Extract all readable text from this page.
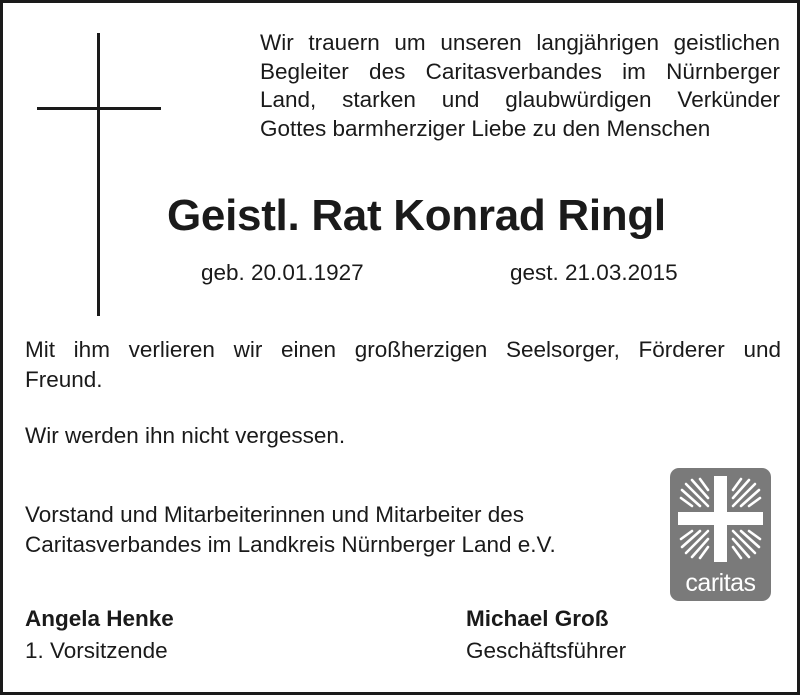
Wir trauern um unseren langjährigen geistlichen
Begleiter des Caritasverbandes im Nürnberger
Land, starken und glaubwürdigen Verkünder
Gottes barmherziger Liebe zu den Menschen
Geistl. Rat Konrad Ringl
geb. 20.01.1927	gest. 21.03.2015
Mit ihm verlieren wir einen großherzigen Seelsorger, Förderer und
Freund.
Wir werden ihn nicht vergessen.
Vorstand und Mitarbeiterinnen und Mitarbeiter des
Caritasverbandes im Landkreis Nürnberger Land e.V.
Angela Henke
1. Vorsitzende
Michael Groß
Geschäftsführer
caritas
